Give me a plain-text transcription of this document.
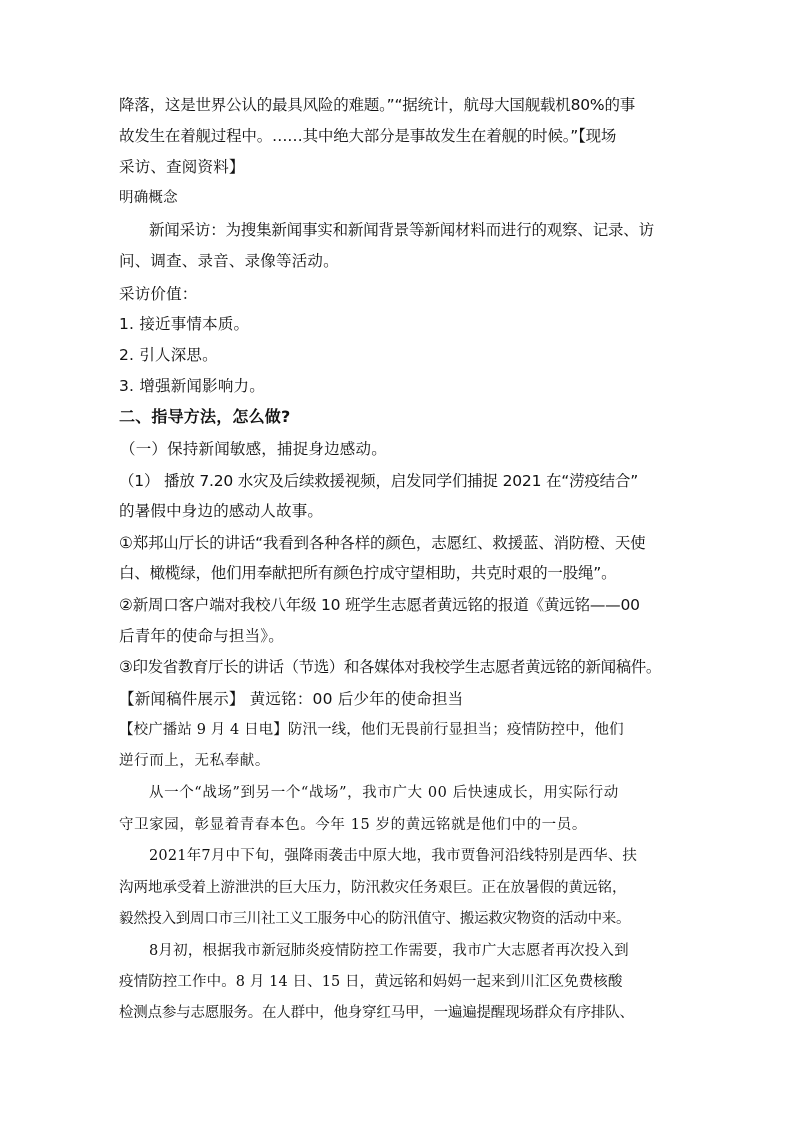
降落，这是世界公认的最具风险的难题。”“据统计，航母大国舰载机80%的事
故发生在着舰过程中。……其中绝大部分是事故发生在着舰的时候。”【现场
采访、查阅资料】
明确概念
新闻采访：为搜集新闻事实和新闻背景等新闻材料而进行的观察、记录、访
问、调查、录音、录像等活动。
采访价值：
1. 接近事情本质。
2. 引人深思。
3. 增强新闻影响力。
二、指导方法，怎么做?
（一）保持新闻敏感，捕捉身边感动。
（1） 播放 7.20 水灾及后续救援视频，启发同学们捕捉 2021 在“涝疫结合”
的暑假中身边的感动人故事。
①郑邦山厅长的讲话“我看到各种各样的颜色，志愿红、救援蓝、消防橙、天使
白、橄榄绿，他们用奉献把所有颜色拧成守望相助，共克时艰的一股绳”。
②新周口客户端对我校八年级 10 班学生志愿者黄远铭的报道《黄远铭——00
后青年的使命与担当》。
③印发省教育厅长的讲话（节选）和各媒体对我校学生志愿者黄远铭的新闻稿件。
【新闻稿件展示】 黄远铭：00 后少年的使命担当
【校广播站 9 月 4 日电】防汛一线，他们无畏前行显担当；疫情防控中，他们
逆行而上，无私奉献。
从一个“战场”到另一个“战场”，我市广大 00 后快速成长，用实际行动
守卫家园，彰显着青春本色。今年 15 岁的黄远铭就是他们中的一员。
2021年7月中下旬，强降雨袭击中原大地，我市贾鲁河沿线特别是西华、扶
沟两地承受着上游泄洪的巨大压力，防汛救灾任务艰巨。正在放暑假的黄远铭，
毅然投入到周口市三川社工义工服务中心的防汛值守、搬运救灾物资的活动中来。
8月初，根据我市新冠肺炎疫情防控工作需要，我市广大志愿者再次投入到
疫情防控工作中。8 月 14 日、15 日，黄远铭和妈妈一起来到川汇区免费核酸
检测点参与志愿服务。在人群中，他身穿红马甲，一遍遍提醒现场群众有序排队、
